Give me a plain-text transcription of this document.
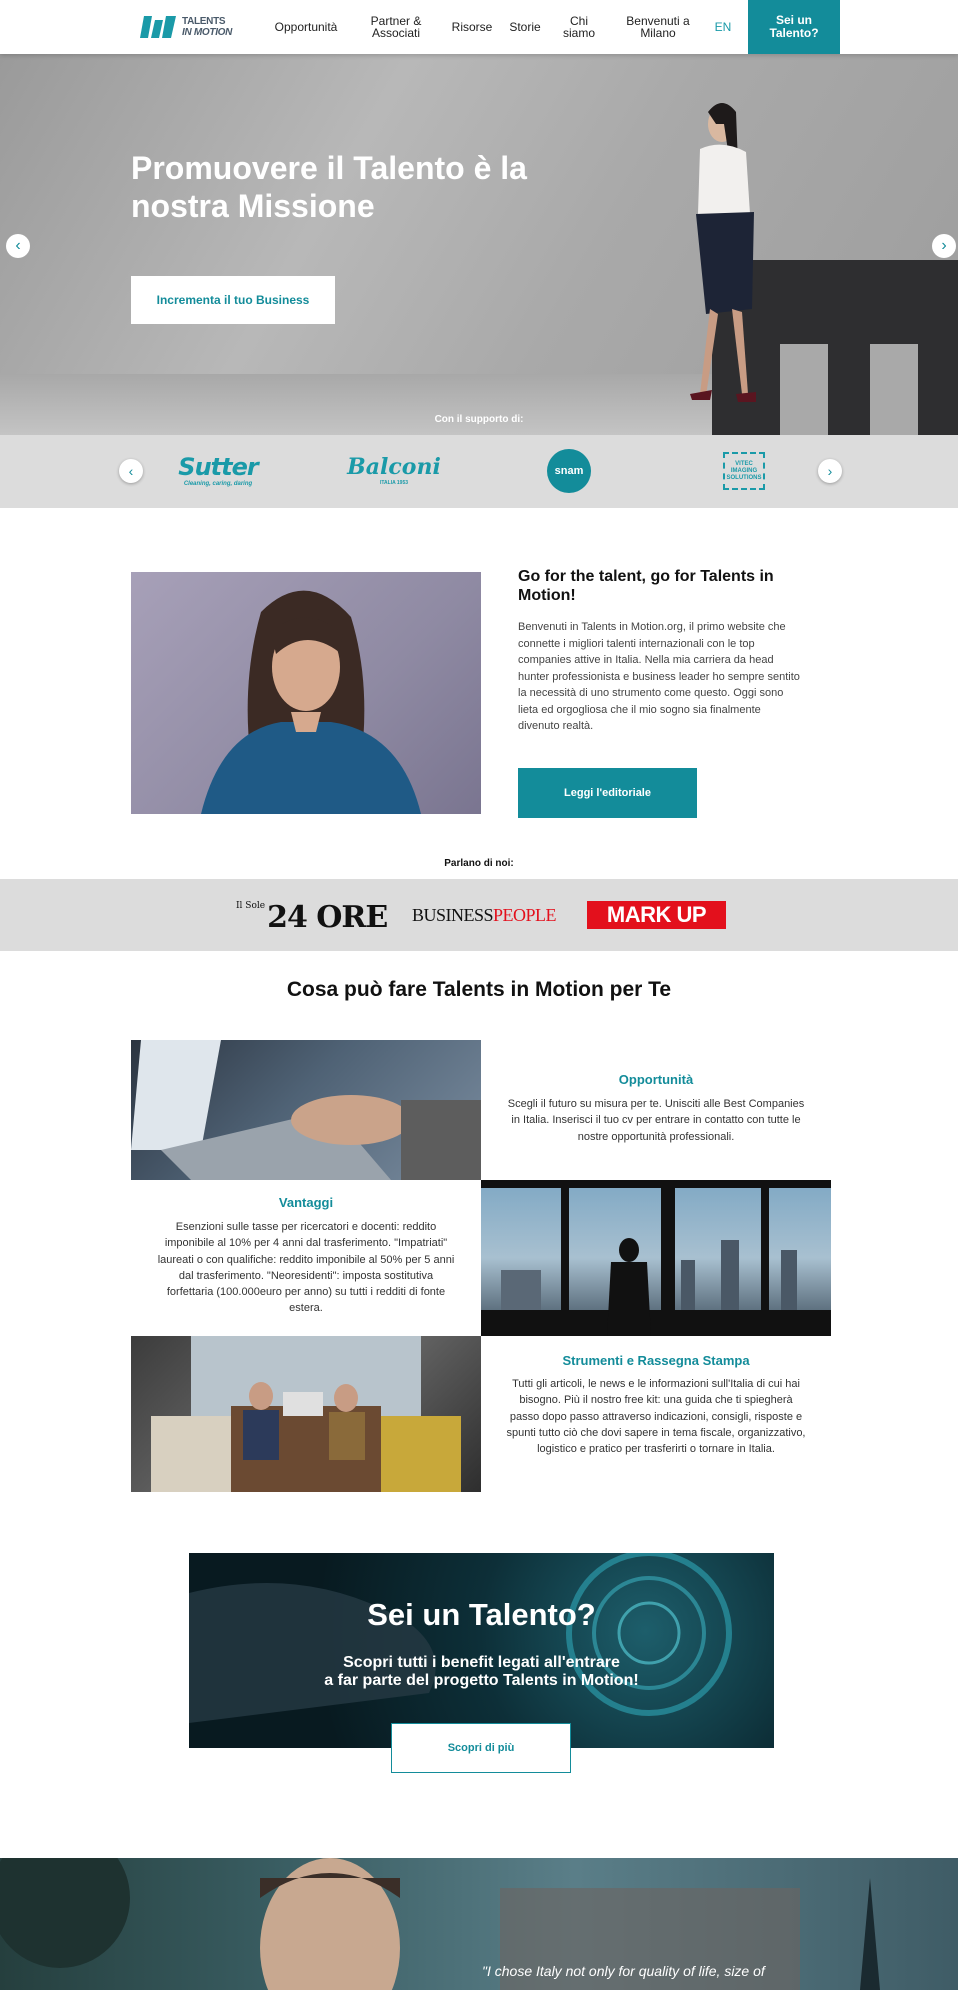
TALENTS
IN MOTION	Opportunità	Partner & Associati	Risorse Storie	Chi siamo
Benvenuti a Milano	EN	Sei un Talento?
Promuovere il Talento è la nostra Missione
Incrementa il tuo Business
‹	›
Con il supporto di:
‹ Sutter
Cleaning, caring, daring
Balconi
ITALIA 1953
snam
VITEC IMAGING SOLUTIONS	›
Go for the talent, go for Talents in Motion!
Benvenuti in Talents in Motion.org, il primo website che connette i migliori talenti internazionali con le top companies attive in Italia. Nella mia carriera da head hunter professionista e business leader ho sempre sentito la necessità di uno strumento come questo. Oggi sono lieta ed orgogliosa che il mio sogno sia finalmente divenuto realtà.
Leggi l'editoriale
Parlano di noi:
Il Sole 24 ORE BUSINESSPEOPLE MARK UP
Cosa può fare Talents in Motion per Te
Opportunità
Scegli il futuro su misura per te. Unisciti alle Best Companies in Italia. Inserisci il tuo cv per entrare in contatto con tutte le nostre opportunità professionali.
Vantaggi
Esenzioni sulle tasse per ricercatori e docenti: reddito imponibile al 10% per 4 anni dal trasferimento. "Impatriati" laureati o con qualifiche: reddito imponibile al 50% per 5 anni dal trasferimento. "Neoresidenti": imposta sostitutiva forfettaria (100.000euro per anno) su tutti i redditi di fonte estera.
Strumenti e Rassegna Stampa
Tutti gli articoli, le news e le informazioni sull'Italia di cui hai bisogno. Più il nostro free kit: una guida che ti spiegherà passo dopo passo attraverso indicazioni, consigli, risposte e spunti tutto ciò che dovi sapere in tema fiscale, organizzativo, logistico e pratico per trasferirti o tornare in Italia.
Sei un Talento?
Scopri tutti i benefit legati all'entrare
a far parte del progetto Talents in Motion!
Scopri di più
"I chose Italy not only for quality of life, size of
